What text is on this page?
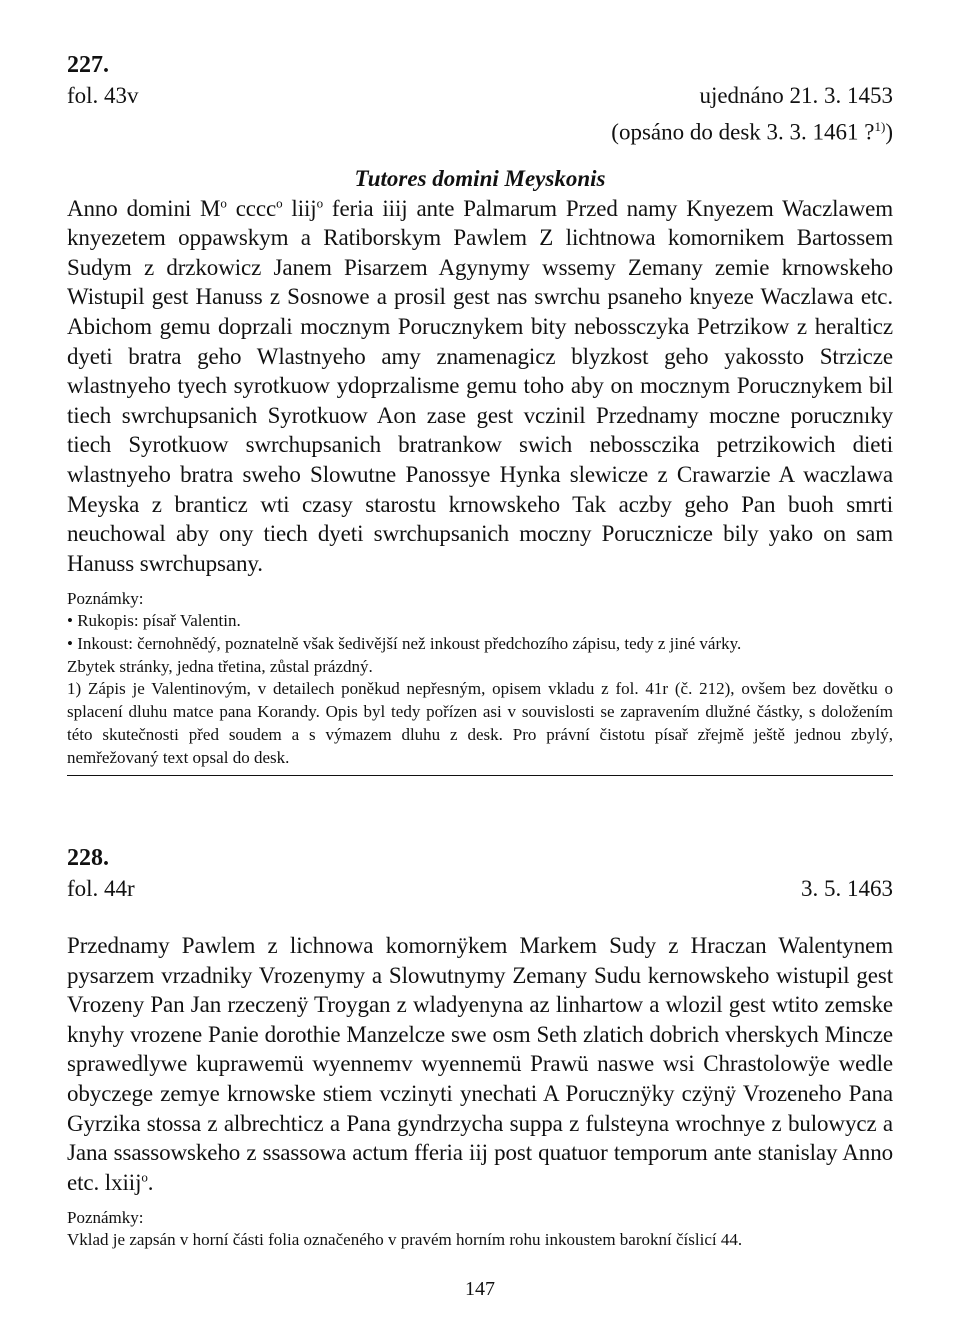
227.

fol. 43v	ujednáno 21. 3. 1453
(opsáno do desk 3. 3. 1461 ?$^{1)}$)
Tutores domini Meyskonis

Anno domini $M^o$ cccc$^o$ liij$^o$ feria iiij ante Palmarum Przed namy Knyezem Waczlawem knyezetem oppawskym a Ratiborskym Pawlem Z lichtnowa komornikem Bartossem Sudym z drzkowicz Janem Pisarzem Agynymy wssemy Zemany zemie krnowskeho Wistupil gest Hanuss z Sosnowe a prosil gest nas swrchu psaneho knyeze Waczlawa etc. Abichom gemu doprzali mocznym Porucznykem bity nebossczyka Petrzikow z heralticz dyeti bratra geho Wlastnyeho amy znamenagicz blyzkost geho yakossto Strzicze wlastnyeho tyech syrotkuow ydoprzalisme gemu toho aby on mocznym Porucznykem bil tiech swrchupsanich Syrotkuow Aon zase gest vczinil Przednamy moczne porucznıky tiech Syrotkuow swrchupsanich bratrankow swich nebossczika petrzikowich dieti wlastnyeho bratra sweho Slowutne Panossye Hynka slewicze z Crawarzie A waczlawa Meyska z branticz wti czasy starostu krnowskeho Tak aczby geho Pan buoh smrti neuchowal aby ony tiech dyeti swrchupsanich moczny Porucznicze bily yako on sam Hanuss swrchupsany.

Poznámky:

• Rukopis: písař Valentin.

• Inkoust: černohnědý, poznatelně však šedivější než inkoust předchozího zápisu, tedy z jiné várky.

Zbytek stránky, jedna třetina, zůstal prázdný.

1) Zápis je Valentinovým, v detailech poněkud nepřesným, opisem vkladu z fol. 41r (č. 212), ovšem bez dovětku o splacení dluhu matce pana Korandy. Opis byl tedy pořízen asi v souvislosti se zapravením dlužné částky, s doložením této skutečnosti před soudem a s výmazem dluhu z desk. Pro právní čistotu písař zřejmě ještě jednou zbylý, nemřežovaný text opsal do desk.

228.

fol. 44r	3. 5. 1463

Przednamy Pawlem z lichnowa komornÿkem Markem Sudy z Hraczan Walentynem pysarzem vrzadniky Vrozenymy a Slowutnymy Zemany Sudu kernowskeho wistupil gest Vrozeny Pan Jan rzeczenÿ Troygan z wladyenyna az linhartow a wlozil gest wtito zemske knyhy vrozene Panie dorothie Manzelcze swe osm Seth zlatich dobrich vherskych Mincze sprawedlywe kuprawemü wyennemv wyennemü Prawü naswe wsi Chrastolowÿe wedle obyczege zemye krnowske stiem vczinyti ynechati A Porucznÿky czÿnÿ Vrozeneho Pana Gyrzika stossa z albrechticz a Pana gyndrzycha suppa z fulsteyna wrochnye z bulowycz a Jana ssassowskeho z ssassowa actum fferia iij post quatuor temporum ante stanislay Anno etc. lxiij$^o$.

Poznámky:

Vklad je zapsán v horní části folia označeného v pravém horním rohu inkoustem barokní číslicí 44.

147
